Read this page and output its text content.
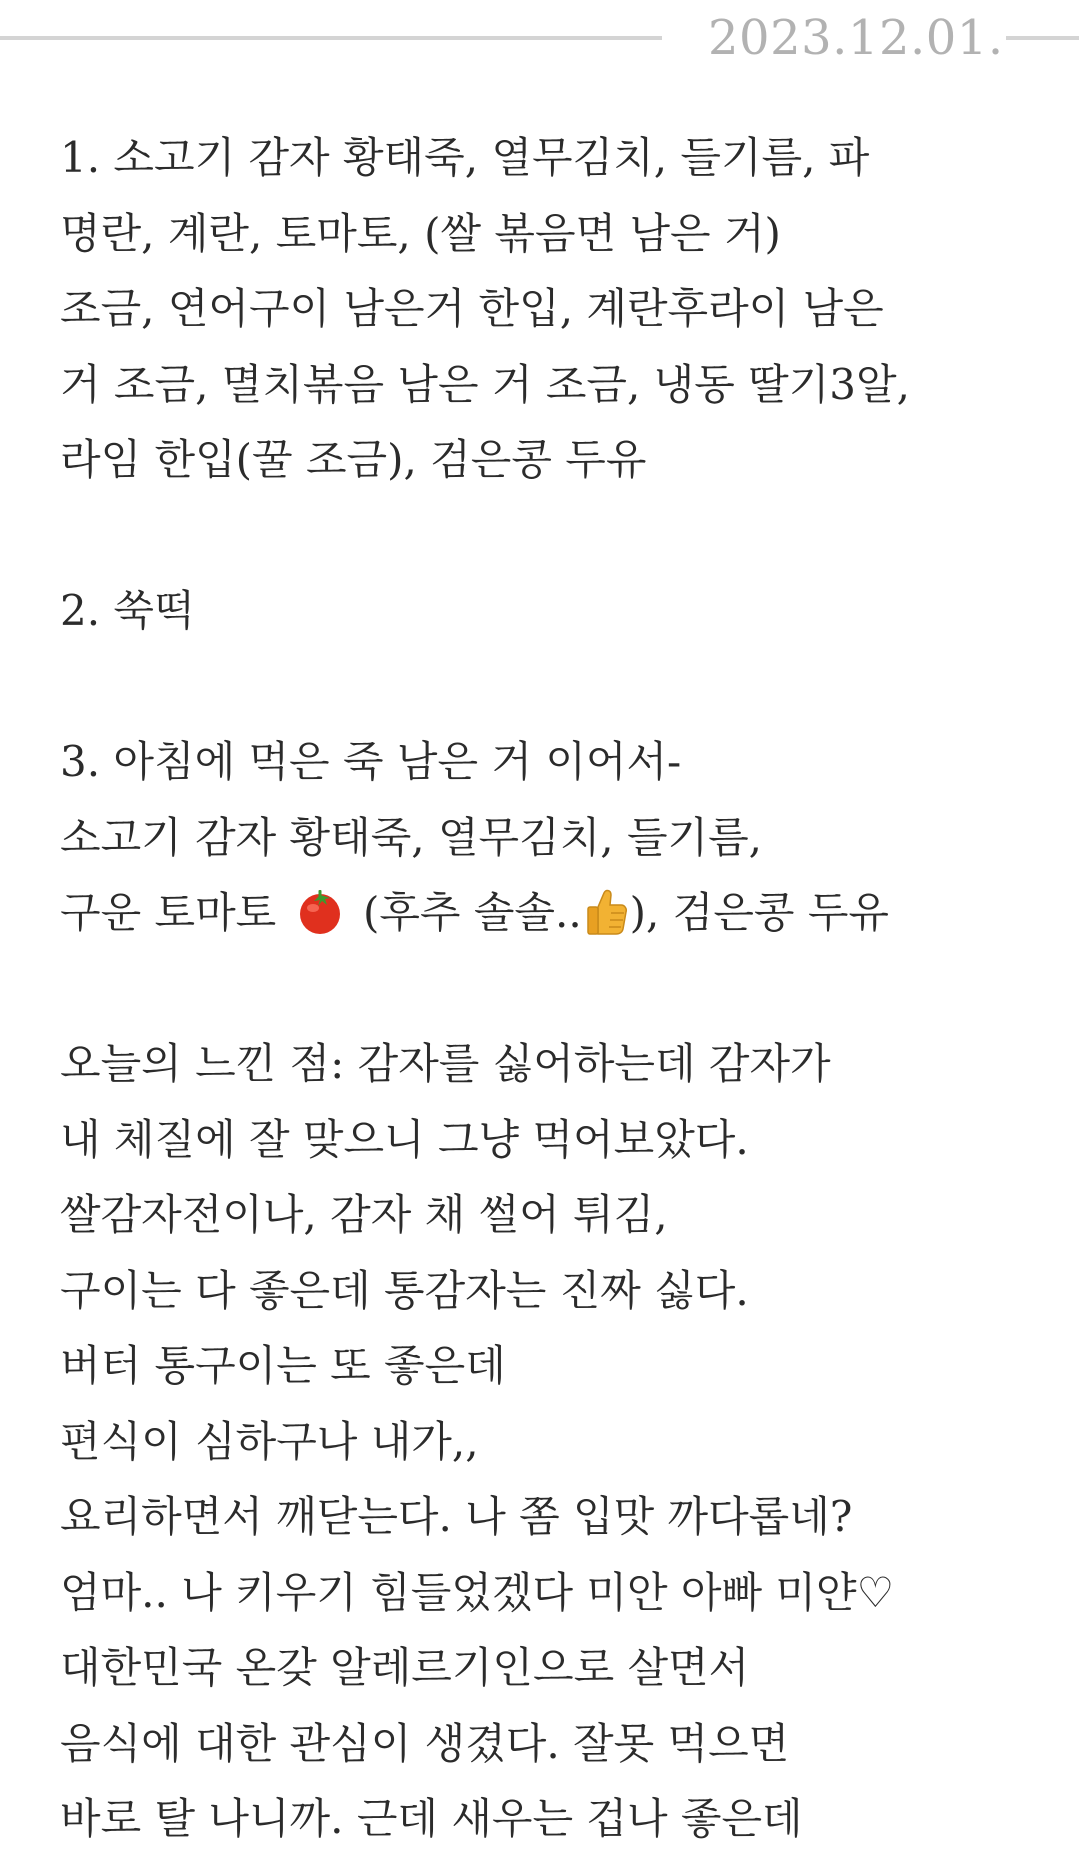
2023.12.01.
1. 소고기 감자 황태죽, 열무김치, 들기름, 파
명란, 계란, 토마토, (쌀 볶음면 남은 거)
조금, 연어구이 남은거 한입, 계란후라이 남은
거 조금, 멸치볶음 남은 거 조금, 냉동 딸기3알,
라임 한입(꿀 조금), 검은콩 두유
2. 쑥떡
3. 아침에 먹은 죽 남은 거 이어서-
소고기 감자 황태죽, 열무김치, 들기름,
구운 토마토 (후추 솔솔.. ), 검은콩 두유
오늘의 느낀 점: 감자를 싫어하는데 감자가
내 체질에 잘 맞으니 그냥 먹어보았다.
쌀감자전이나, 감자 채 썰어 튀김,
구이는 다 좋은데 통감자는 진짜 싫다.
버터 통구이는 또 좋은데
편식이 심하구나 내가,,
요리하면서 깨닫는다. 나 쫌 입맛 까다롭네?
엄마.. 나 키우기 힘들었겠다 미안 아빠 미얀♡
대한민국 온갖 알레르기인으로 살면서
음식에 대한 관심이 생겼다. 잘못 먹으면
바로 탈 나니까. 근데 새우는 겁나 좋은데
